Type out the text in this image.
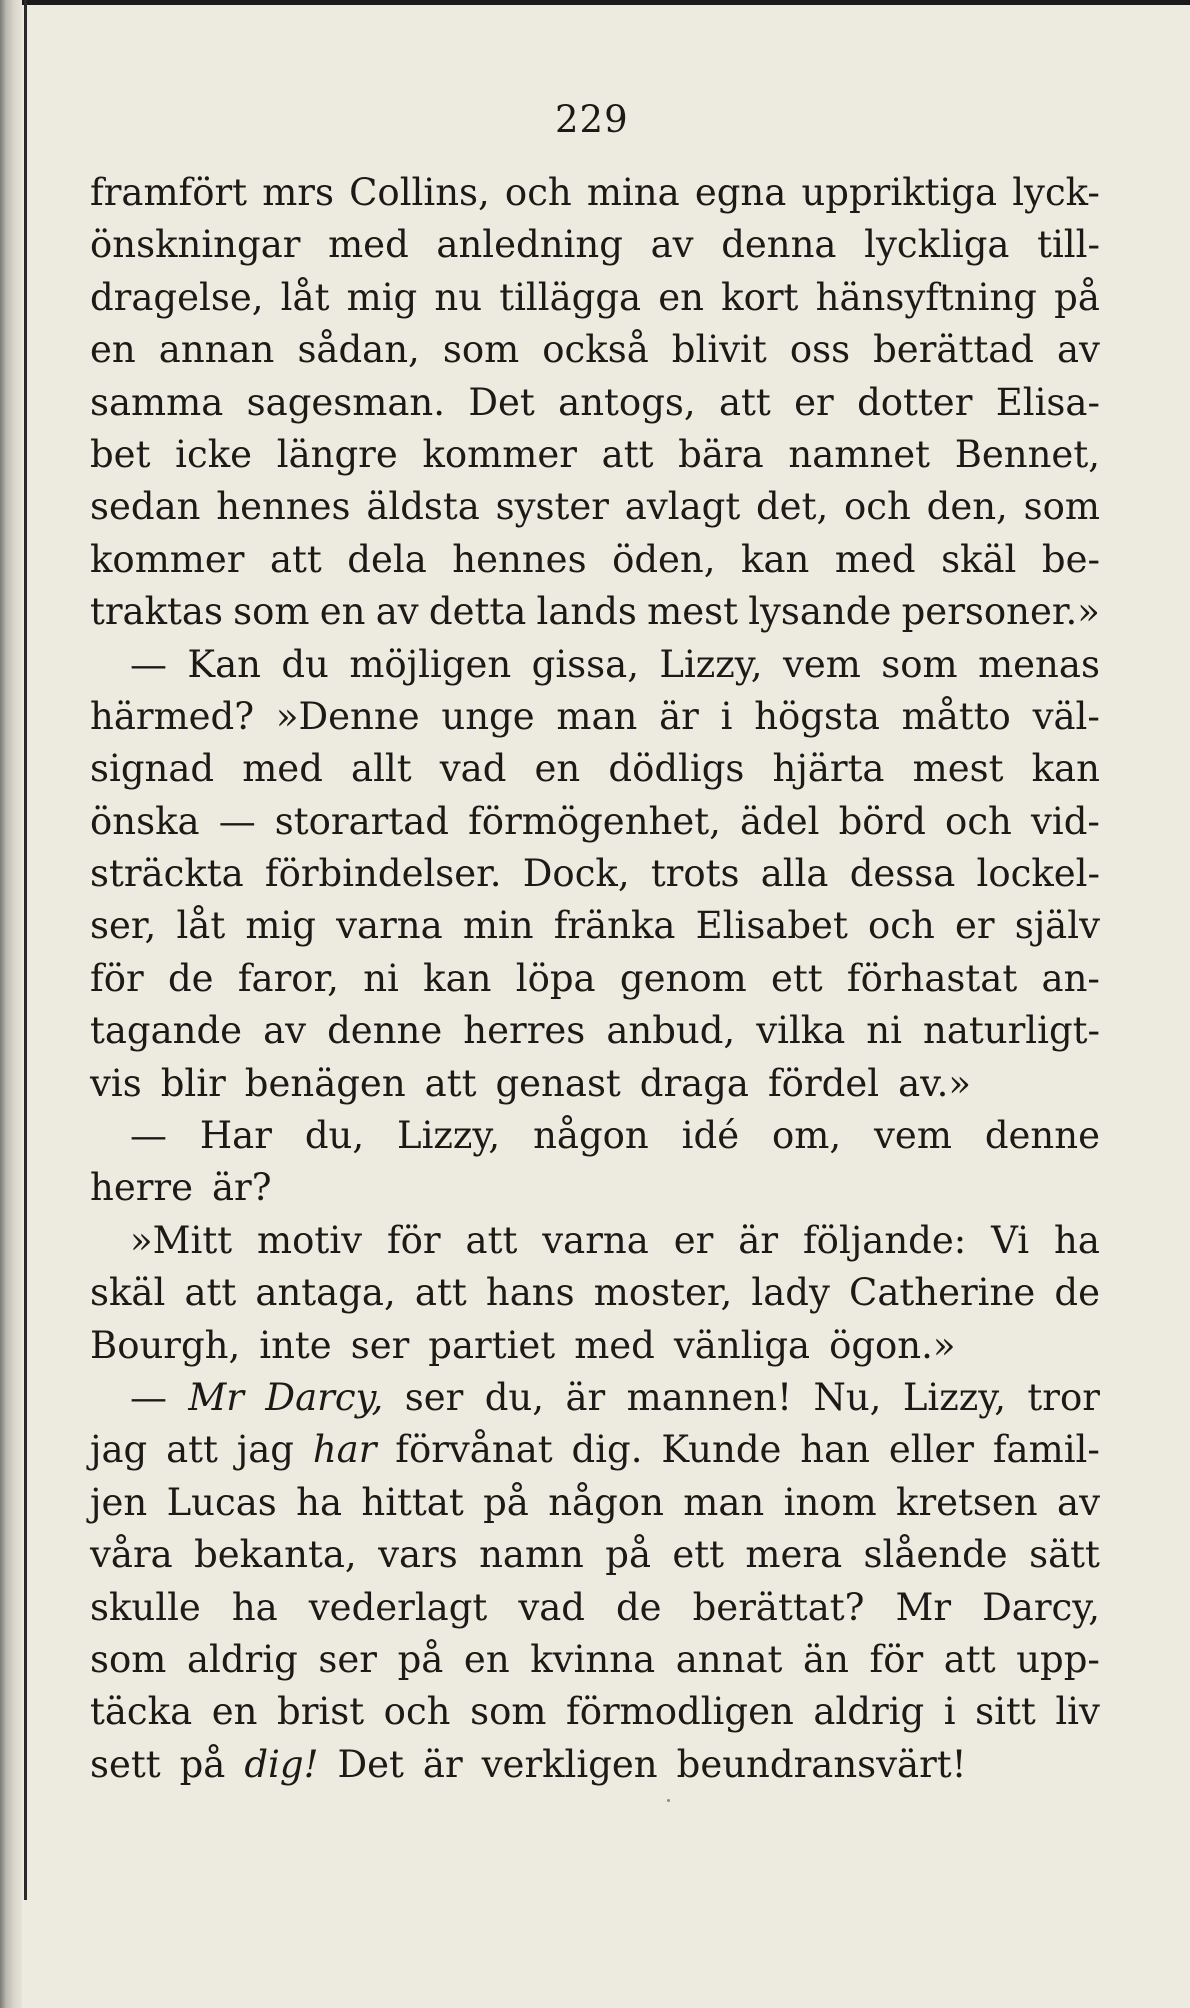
229
framfört mrs Collins, och mina egna uppriktiga lyck-
önskningar med anledning av denna lyckliga till-
dragelse, låt mig nu tillägga en kort hänsyftning på
en annan sådan, som också blivit oss berättad av
samma sagesman. Det antogs, att er dotter Elisa-
bet icke längre kommer att bära namnet Bennet,
sedan hennes äldsta syster avlagt det, och den, som
kommer att dela hennes öden, kan med skäl be-
traktas som en av detta lands mest lysande personer.»
— Kan du möjligen gissa, Lizzy, vem som menas
härmed? »Denne unge man är i högsta måtto väl-
signad med allt vad en dödligs hjärta mest kan
önska — storartad förmögenhet, ädel börd och vid-
sträckta förbindelser. Dock, trots alla dessa lockel-
ser, låt mig varna min fränka Elisabet och er själv
för de faror, ni kan löpa genom ett förhastat an-
tagande av denne herres anbud, vilka ni naturligt-
vis blir benägen att genast draga fördel av.»
— Har du, Lizzy, någon idé om, vem denne
herre är?
»Mitt motiv för att varna er är följande: Vi ha
skäl att antaga, att hans moster, lady Catherine de
Bourgh, inte ser partiet med vänliga ögon.»
— Mr Darcy, ser du, är mannen! Nu, Lizzy, tror
jag att jag har förvånat dig. Kunde han eller famil-
jen Lucas ha hittat på någon man inom kretsen av
våra bekanta, vars namn på ett mera slående sätt
skulle ha vederlagt vad de berättat? Mr Darcy,
som aldrig ser på en kvinna annat än för att upp-
täcka en brist och som förmodligen aldrig i sitt liv
sett på dig! Det är verkligen beundransvärt!
